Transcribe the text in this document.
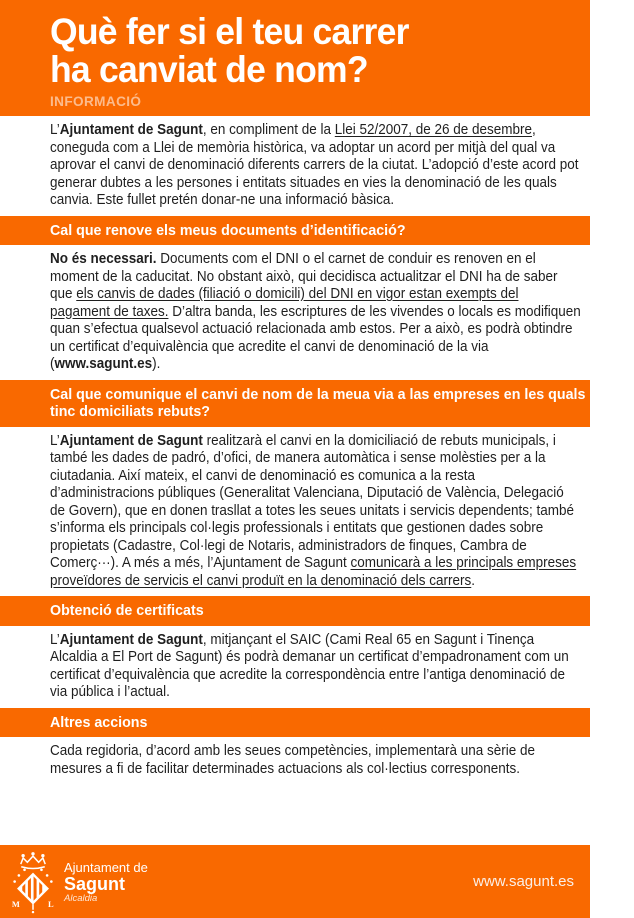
Què fer si el teu carrer
ha canviat de nom?
INFORMACIÓ

L’Ajuntament de Sagunt, en compliment de la Llei 52/2007, de 26 de desembre, coneguda com a Llei de memòria històrica, va adoptar un acord per mitjà del qual va aprovar el canvi de denominació diferents carrers de la ciutat. L’adopció d’este acord pot generar dubtes a les persones i entitats situades en vies la denominació de les quals canvia. Este fullet pretén donar-ne una informació bàsica.

Cal que renove els meus documents d’identificació?

No és necessari. Documents com el DNI o el carnet de conduir es renoven en el moment de la caducitat. No obstant això, qui decidisca actualitzar el DNI ha de saber que els canvis de dades (filiació o domicili) del DNI en vigor estan exempts del pagament de taxes. D’altra banda, les escriptures de les vivendes o locals es modifiquen quan s’efectua qualsevol actuació relacionada amb estos. Per a això, es podrà obtindre un certificat d’equivalència que acredite el canvi de denominació de la via (www.sagunt.es).

Cal que comunique el canvi de nom de la meua via a las empreses en les quals tinc domiciliats rebuts?

L’Ajuntament de Sagunt realitzarà el canvi en la domiciliació de rebuts municipals, i també les dades de padró, d’ofici, de manera automàtica i sense molèsties per a la ciutadania. Així mateix, el canvi de denominació es comunica a la resta d’administracions públiques (Generalitat Valenciana, Diputació de València, Delegació de Govern), que en donen trasllat a totes les seues unitats i servicis dependents; també s’informa els principals col·legis professionals i entitats que gestionen dades sobre propietats (Cadastre, Col·legi de Notaris, administradors de finques, Cambra de Comerç···). A més a més, l’Ajuntament de Sagunt comunicarà a les principals empreses proveïdores de servicis el canvi produït en la denominació dels carrers.

Obtenció de certificats

L’Ajuntament de Sagunt, mitjançant el SAIC (Cami Real 65 en Sagunt i Tinença Alcaldia a El Port de Sagunt) és podrà demanar un certificat d’empadronament com un certificat d’equivalència que acredite la correspondència entre l’antiga denominació de via pública i l’actual.

Altres accions

Cada regidoria, d’acord amb les seues competències, implementarà una sèrie de mesures a fi de facilitar determinades actuacions als col·lectius corresponents.

M	L
Ajuntament de
Sagunt
Alcaldia
www.sagunt.es
